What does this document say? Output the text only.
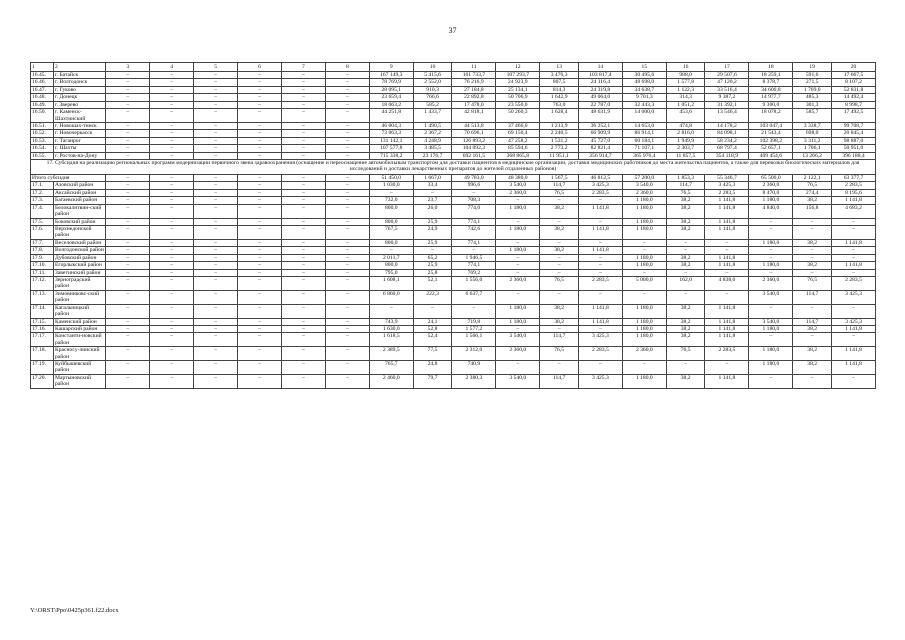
37
1	2	3	4	5	6	7	8	9	10	11	12	13	14	15	16	17	18	19	20
16.45.	г. Батайск	–	–	–	–	–	–	167 149,3	5 415,6	161 733,7	107 293,7	3 476,3	103 817,4	30 495,6	988,0	29 507,6	18 259,1	591,6	17 667,5
16.46.	г. Волгодонск	–	–	–	–	–	–	78 769,9	2 552,0	76 216,9	24 923,9	807,5	24 116,4	48 698,0	1 577,8	47 120,2	8 378,7	271,5	8 107,2
16.47.	г. Гуково	–	–	–	–	–	–	28 095,1	910,3	27 184,8	25 134,1	814,3	24 319,8	34 638,7	1 122,3	33 516,4	34 600,8	1 769,0	52 831,8
16.48.	г. Донецк	–	–	–	–	–	–	23 659,4	766,6	22 892,8	50 706,9	1 642,9	49 064,0	9 701,3	314,3	9 387,2	14 977,7	485,3	14 492,4
16.49.	г. Зверево	–	–	–	–	–	–	18 063,2	585,2	17 478,0	23 550,0	763,0	22 787,0	32 443,3	1 051,2	31 392,1	9 300,0	301,3	8 998,7
16.50.	г. Каменск-Шахтинский	–	–	–	–	–	–	44 251,8	1 433,7	42 818,1	50 260,3	1 628,4	48 631,9	14 000,0	453,6	13 546,4	18 078,2	585,7	17 492,5
16.51.	г. Новошах-тинск	–	–	–	–	–	–	46 004,3	1 490,5	44 513,8	37 466,0	1 213,9	36 252,1	14 653,0	474,8	14 178,2	103 047,4	3 338,7	99 708,7
16.52.	г. Новочеркасск	–	–	–	–	–	–	73 063,3	2 367,2	70 696,1	69 150,4	2 240,5	66 909,9	86 914,1	2 816,0	84 098,1	21 543,4	698,0	20 845,4
16.53.	г. Таганрог	–	–	–	–	–	–	131 142,1	4 248,9	126 893,2	47 258,2	1 531,2	45 727,0	60 184,1	1 949,9	58 234,2	102 398,2	3 311,2	98 887,0
16.54.	г. Шахты	–	–	–	–	–	–	107 577,8	3 485,5	104 092,3	85 594,6	2 773,2	82 821,4	71 107,1	2 303,7	68 797,4	52 657,1	1 706,1	50 951,0
16.55.	г. Ростов-на-Дону	–	–	–	–	–	–	715 338,2	23 176,7	692 161,5	368 865,8	11 951,1	356 914,7	365 976,4	11 857,5	354 118,9	409 454,6	13 266,2	396 188,4
17. Субсидия на реализацию региональных программ модернизации первичного звена здравоохранения (оснащение и переоснащение автомобильным транспортом для доставки пациентов в медицинские организации, доставки медицинских работников до места жительства пациентов, а также для перевозки биологических материалов для исследований и доставки лекарственных препаратов до жителей отдаленных районов)																			
Итого субсидия		–	–	–	–	–	–	51 450,0	1 667,0	49 783,0	48 380,0	1 567,5	46 812,5	57 200,0	1 853,3	55 346,7	65 500,0	2 122,1	63 377,7
17.1.	Азовский район	–	–	–	–	–	–	1 030,0	33,4	996,6	3 540,0	114,7	3 425,3	3 540,0	114,7	3 425,3	2 360,0	76,5	2 283,5
17.2.	Аксайский район	–	–	–	–	–	–	–	–	–	2 360,0	76,5	2 283,5	2 360,0	76,5	2 283,5	8 470,0	274,4	8 195,6
17.3.	Багаевский район	–	–	–	–	–	–	732,0	23,7	708,3	–	–	–	1 180,0	38,2	1 141,8	1 180,0	38,2	1 141,8
17.4.	Белокалитвин-ский район	–	–	–	–	–	–	800,0	26,0	774,0	1 180,0	38,2	1 141,8	1 180,0	38,2	1 141,8	4 840,0	156,8	4 683,2
17.5.	Боковский район	–	–	–	–	–	–	800,0	25,9	774,1	–	–	–	1 180,0	38,2	1 141,8	–	–	–
17.6.	Верхнедонской район	–	–	–	–	–	–	767,5	24,9	742,6	1 180,0	38,2	1 141,8	1 180,0	38,2	1 141,8	–	–	–
17.7.	Веселовский район	–	–	–	–	–	–	800,0	25,9	774,1	–	–	–	–	–	–	1 180,0	38,2	1 141,8
17.8.	Волгодонской район	–	–	–	–	–	–	–	–	–	1 180,0	38,2	1 141,8	–	–	–	–	–	–
17.9.	Дубовский район	–	–	–	–	–	–	2 011,7	65,2	1 946,5	–	–	–	1 180,0	38,2	1 141,8	–	–	–
17.10.	Егорлыкский район	–	–	–	–	–	–	800,0	25,9	774,1	–	–	–	1 180,0	38,2	1 141,8	1 180,0	38,2	1 141,8
17.11.	Заветинский район	–	–	–	–	–	–	795,0	25,8	769,2	–	–	–	–	–	–	–	–	–
17.12.	Зерноградский район	–	–	–	–	–	–	1 608,1	52,1	1 556,0	2 360,0	76,5	2 283,5	5 000,0	162,0	4 838,0	2 360,0	76,5	2 283,5
17.13.	Зимовниковс-ский район	–	–	–	–	–	–	6 860,0	222,3	6 637,7	–	–	–	–	–	–	3 540,0	114,7	3 425,3
17.14.	Кагальницкий район	–	–	–	–	–	–	–	–	–	1 180,0	38,2	1 141,8	1 180,0	38,2	1 141,8	–	–	–
17.15.	Каменский район	–	–	–	–	–	–	743,9	24,1	719,8	1 180,0	38,2	1 141,8	1 180,0	38,2	1 141,8	3 540,0	114,7	3 425,3
17.16.	Кашарский район	–	–	–	–	–	–	1 630,0	52,8	1 577,2	–	–	–	1 180,0	38,2	1 141,8	1 180,0	38,2	1 141,8
17.17.	Константи-новский район	–	–	–	–	–	–	1 618,5	52,4	1 566,1	3 540,0	114,7	3 425,3	1 180,0	38,2	1 141,8	–	–	–
17.18.	Красносу-линский район	–	–	–	–	–	–	2 389,5	77,5	2 312,0	2 360,0	76,5	2 283,5	2 360,0	76,5	2 283,5	1 180,0	38,2	1 141,8
17.19.	Куйбышевский район	–	–	–	–	–	–	765,7	24,8	740,9	–	–	–	–	–	–	1 180,0	38,2	1 141,8
17.20.	Мартыновский район	–	–	–	–	–	–	2 460,0	79,7	2 380,3	3 540,0	114,7	3 425,3	1 180,0	38,2	1 141,8	–	–	–
Y:\ORST\Ppo\0425p361.f22.docx
